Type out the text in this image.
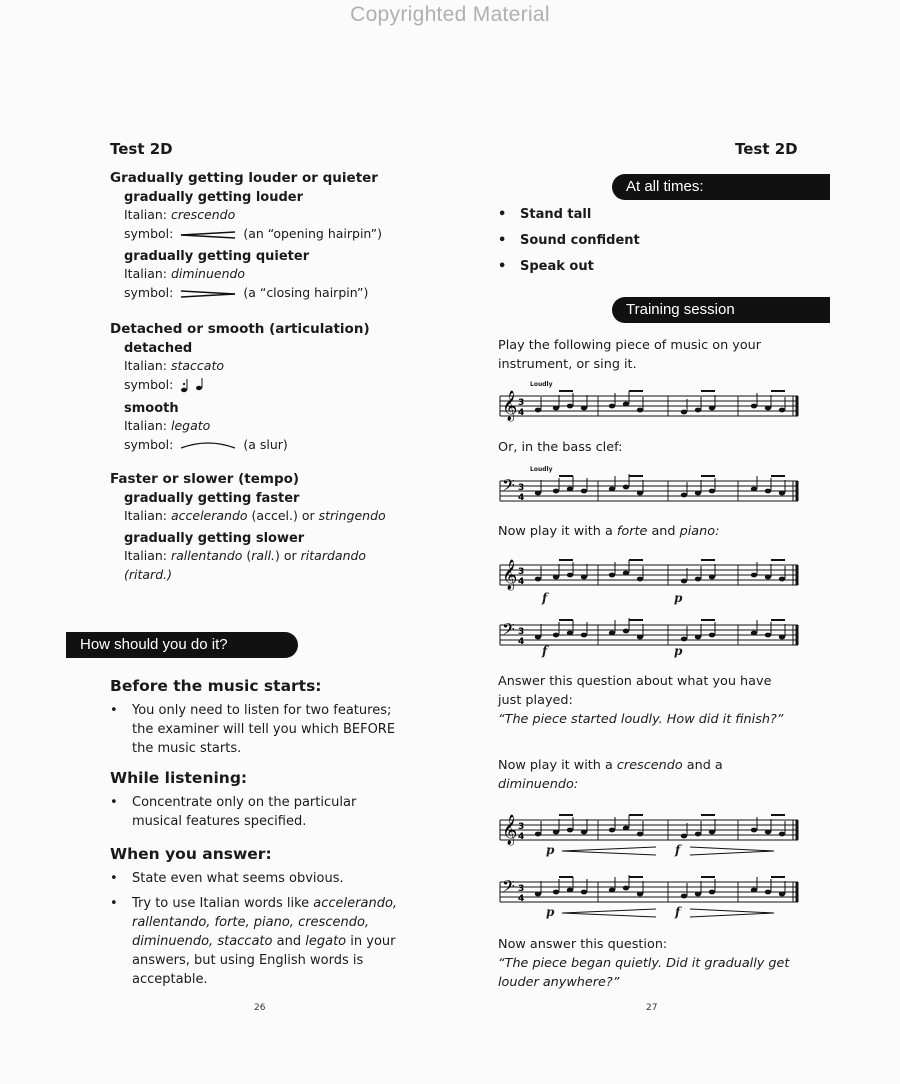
Copyrighted Material
Test 2D
Gradually getting louder or quieter
gradually getting louder
Italian: crescendo
symbol:	(an “opening hairpin”)
gradually getting quieter
Italian: diminuendo
symbol:	(a “closing hairpin”)
Detached or smooth (articulation)
detached
Italian: staccato
symbol:
smooth
Italian: legato
symbol:	(a slur)
Faster or slower (tempo)
gradually getting faster
Italian: accelerando (accel.) or stringendo
gradually getting slower
Italian: rallentando (rall.) or ritardando
(ritard.)
How should you do it?
Before the music starts:
•	You only need to listen for two features; the examiner will tell you which BEFORE the music starts.
While listening:
•	Concentrate only on the particular musical features specified.
When you answer:
•	State even what seems obvious.
•	Try to use Italian words like accelerando, rallentando, forte, piano, crescendo, diminuendo, staccato and legato in your answers, but using English words is acceptable.
26
Test 2D
At all times:
•	Stand tall
•	Sound confident
•	Speak out
Training session
Play the following piece of music on your instrument, or sing it.
Loudly
Or, in the bass clef:
Loudly
Now play it with a forte and piano:
Answer this question about what you have just played:
“The piece started loudly. How did it finish?”
Now play it with a crescendo and a diminuendo:
Now answer this question:
“The piece began quietly. Did it gradually get louder anywhere?”
27
𝄞 3
4
𝄢 3
4
𝄞 3
4
f	p
𝄢 3
4
f	p
𝄞 3
4
p	f
𝄢 3
4
p	f
